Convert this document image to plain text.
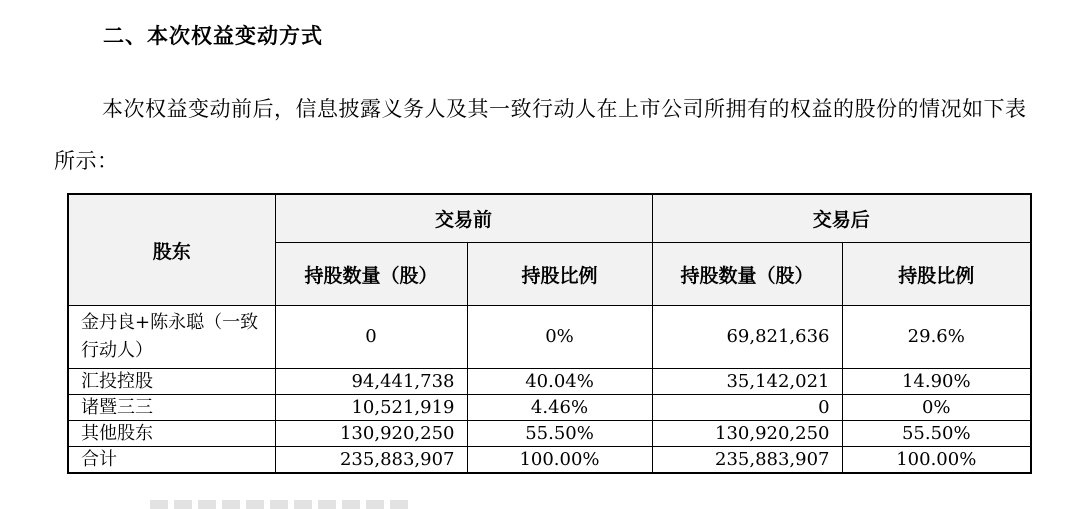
二、本次权益变动方式
本次权益变动前后，信息披露义务人及其一致行动人在上市公司所拥有的权益的股份的情况如下表所示：
股东	交易前		交易后	
	持股数量（股）	持股比例	持股数量（股）	持股比例
金丹良+陈永聪（一致行动人）	0	0%	69,821,636	29.6%
汇投控股	94,441,738	40.04%	35,142,021	14.90%
诸暨三三	10,521,919	4.46%	0	0%
其他股东	130,920,250	55.50%	130,920,250	55.50%
合计	235,883,907	100.00%	235,883,907	100.00%
